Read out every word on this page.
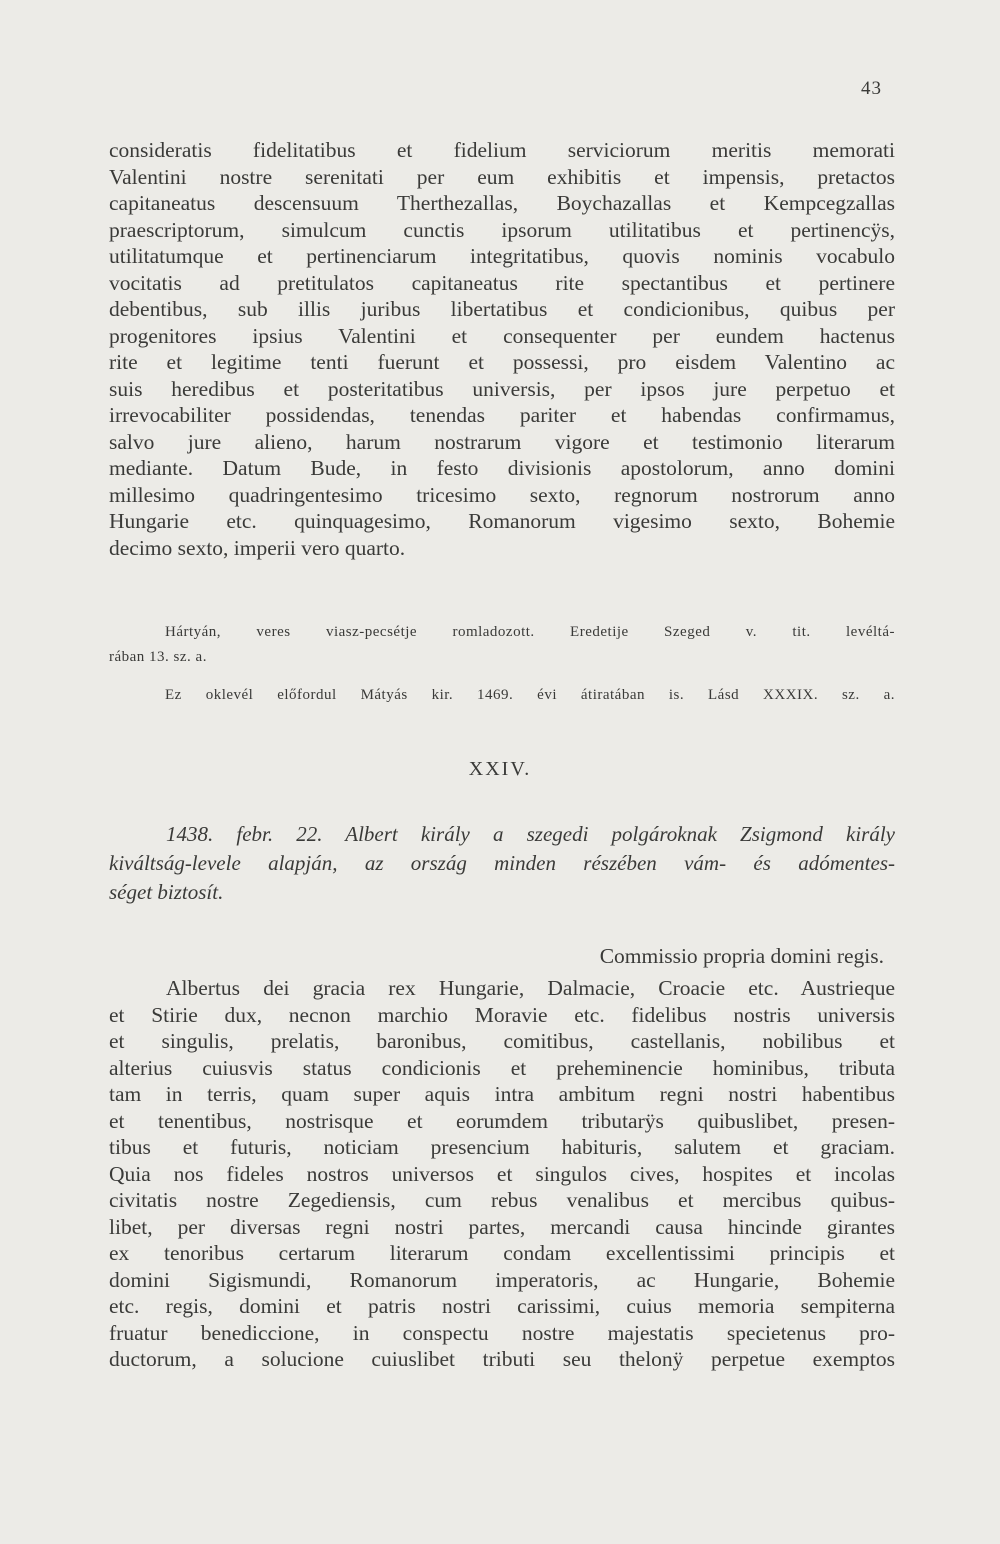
43
consideratis fidelitatibus et fidelium serviciorum meritis memorati
Valentini nostre serenitati per eum exhibitis et impensis, pretactos
capitaneatus descensuum Therthezallas, Boychazallas et Kempcegzallas
praescriptorum, simulcum cunctis ipsorum utilitatibus et pertinencÿs,
utilitatumque et pertinenciarum integritatibus, quovis nominis vocabulo
vocitatis ad pretitulatos capitaneatus rite spectantibus et pertinere
debentibus, sub illis juribus libertatibus et condicionibus, quibus per
progenitores ipsius Valentini et consequenter per eundem hactenus
rite et legitime tenti fuerunt et possessi, pro eisdem Valentino ac
suis heredibus et posteritatibus universis, per ipsos jure perpetuo et
irrevocabiliter possidendas, tenendas pariter et habendas confirmamus,
salvo jure alieno, harum nostrarum vigore et testimonio literarum
mediante. Datum Bude, in festo divisionis apostolorum, anno domini
millesimo quadringentesimo tricesimo sexto, regnorum nostrorum anno
Hungarie etc. quinquagesimo, Romanorum vigesimo sexto, Bohemie
decimo sexto, imperii vero quarto.
Hártyán, veres viasz-pecsétje romladozott. Eredetije Szeged v. tit. levéltá-
rában 13. sz. a.
Ez oklevél előfordul Mátyás kir. 1469. évi átiratában is. Lásd XXXIX. sz. a.
XXIV.
1438. febr. 22. Albert király a szegedi polgároknak Zsigmond király
kiváltság-levele alapján, az ország minden részében vám- és adómentes-
séget biztosít.
Commissio propria domini regis.
Albertus dei gracia rex Hungarie, Dalmacie, Croacie etc. Austrieque
et Stirie dux, necnon marchio Moravie etc. fidelibus nostris universis
et singulis, prelatis, baronibus, comitibus, castellanis, nobilibus et
alterius cuiusvis status condicionis et preheminencie hominibus, tributa
tam in terris, quam super aquis intra ambitum regni nostri habentibus
et tenentibus, nostrisque et eorumdem tributarÿs quibuslibet, presen-
tibus et futuris, noticiam presencium habituris, salutem et graciam.
Quia nos fideles nostros universos et singulos cives, hospites et incolas
civitatis nostre Zegediensis, cum rebus venalibus et mercibus quibus-
libet, per diversas regni nostri partes, mercandi causa hincinde girantes
ex tenoribus certarum literarum condam excellentissimi principis et
domini Sigismundi, Romanorum imperatoris, ac Hungarie, Bohemie
etc. regis, domini et patris nostri carissimi, cuius memoria sempiterna
fruatur benediccione, in conspectu nostre majestatis specietenus pro-
ductorum, a solucione cuiuslibet tributi seu thelonÿ perpetue exemptos
